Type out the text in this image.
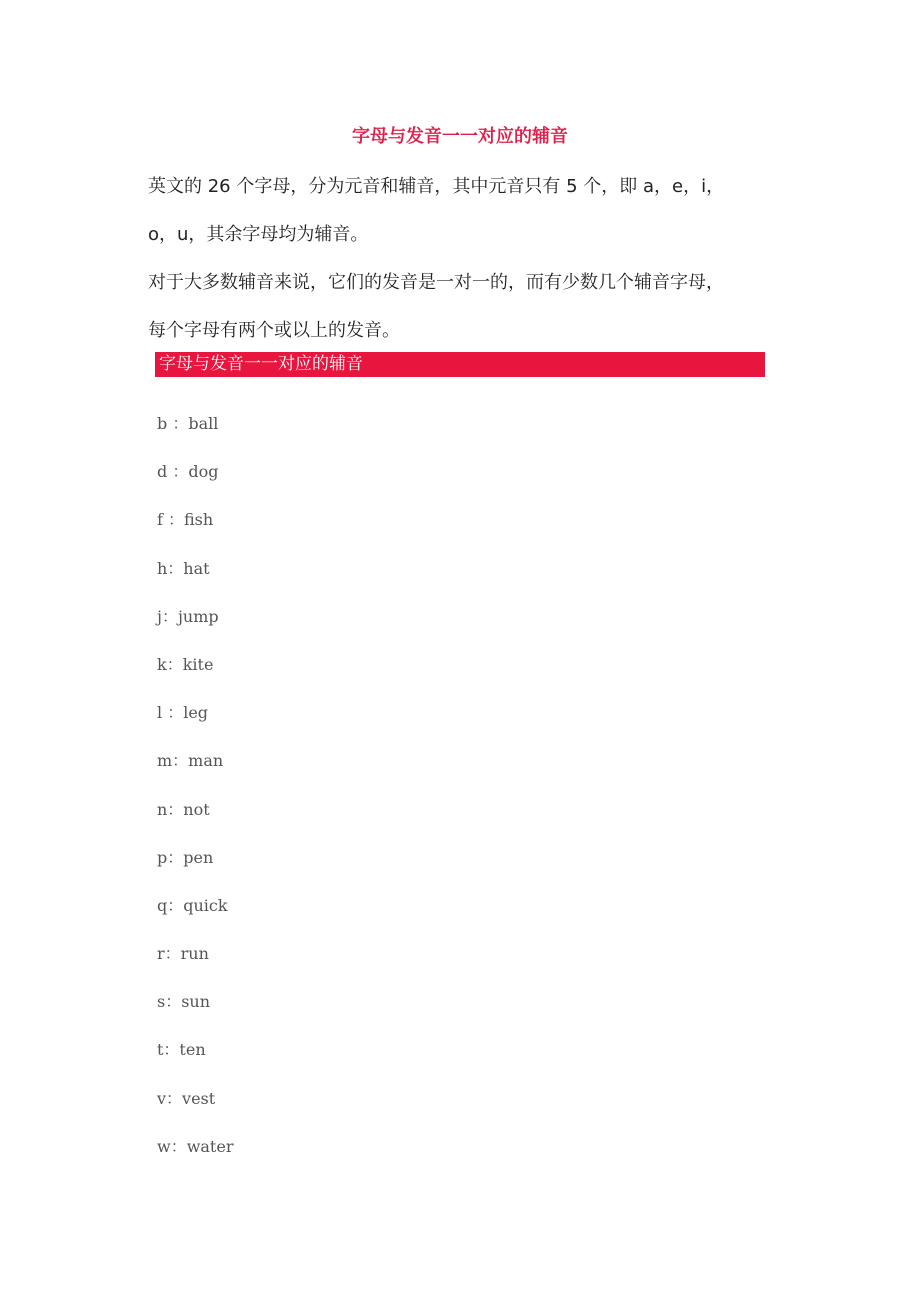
字母与发音一一对应的辅音

英文的 26 个字母，分为元音和辅音，其中元音只有 5 个，即 a，e，i，

o，u，其余字母均为辅音。

对于大多数辅音来说，它们的发音是一对一的，而有少数几个辅音字母，

每个字母有两个或以上的发音。

字母与发音一一对应的辅音
b ：ball
d ：dog
f ：fish
h：hat
j：jump
k：kite
l ：leg
m：man
n：not
p：pen
q：quick
r：run
s：sun
t：ten
v：vest
w：water
